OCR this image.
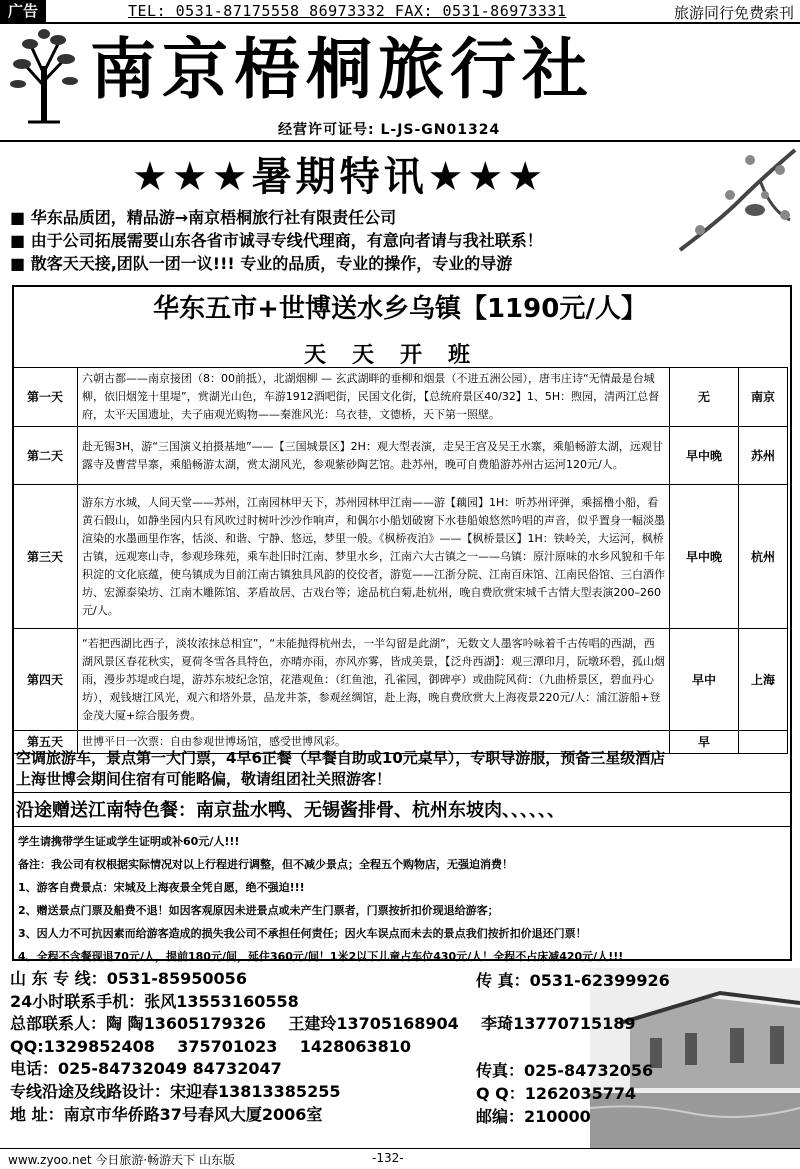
广告	TEL: 0531-87175558 86973332 FAX: 0531-86973331	旅游同行免费索刊
南京梧桐旅行社
经营许可证号: L-JS-GN01324
★★★暑期特讯★★★
■ 华东品质团，精品游→南京梧桐旅行社有限责任公司
■ 由于公司拓展需要山东各省市诚寻专线代理商，有意向者请与我社联系！
■ 散客天天接,团队一团一议!!! 专业的品质，专业的操作，专业的导游
华东五市+世博送水乡乌镇【1190元/人】
天天开班
第一天	六朝古都——南京接团（8：00前抵），北湖烟柳 — 玄武湖畔的垂柳和烟景（不进五洲公园），唐韦庄诗“无情最是台城柳，依旧烟笼十里堤”，赏湖光山色，车游1912酒吧街，民国文化街，【总统府景区40/32】1、5H：煦园，清两江总督府，太平天国遗址，夫子庙观光购物——秦淮风光：乌衣巷，文德桥，天下第一照壁。	无	南京
第二天	赴无锡3H，游“三国演义拍摄基地”——【三国城景区】2H：观大型表演，走吴王宫及吴王水寨，乘船畅游太湖，远观甘露寺及曹营旱寨，乘船畅游太湖，赏太湖风光，参观紫砂陶艺馆。赴苏州，晚可自费船游苏州古运河120元/人。	早中晚	苏州
第三天	游东方水城，人间天堂——苏州，江南园林甲天下，苏州园林甲江南——游【藕园】1H：听苏州评弹，乘摇橹小船，看黄石假山，如静坐园内只有风吹过时树叶沙沙作响声，和偶尔小船划破窗下水巷船娘悠然吟唱的声音，似乎置身一幅淡墨渲染的水墨画里作客，恬淡、和谐、宁静、悠远，梦里一般。《枫桥夜泊》——【枫桥景区】1H：铁岭关，大运河，枫桥古镇，远观寒山寺，参观珍珠苑，乘车赴旧时江南、梦里水乡，江南六大古镇之一——乌镇：原汁原味的水乡风貌和千年积淀的文化底蕴，使乌镇成为目前江南古镇独具风韵的佼佼者，游览——江浙分院、江南百床馆、江南民俗馆、三白酒作坊、宏源泰染坊、江南木雕陈馆、茅盾故居、古戏台等；途品杭白菊,赴杭州，晚自费欣赏宋城千古情大型表演200–260元/人。	早中晚	杭州
第四天	“若把西湖比西子，淡妆浓抹总相宜”，“未能抛得杭州去，一半勾留是此湖”，无数文人墨客吟咏着千古传唱的西湖，西湖风景区春花秋实，夏荷冬雪各具特色，亦晴亦雨，亦风亦雾，皆成美景，【泛舟西湖】：观三潭印月，阮墩环碧，孤山烟雨，漫步苏堤或白堤，游苏东坡纪念馆，花港观鱼：（红鱼池，孔雀园，御碑亭）或曲院风荷：（九曲桥景区，碧血丹心坊），观钱塘江风光，观六和塔外景，品龙井茶，参观丝绸馆，赴上海，晚自费欣赏大上海夜景220元/人：浦江游船+登金茂大厦+综合服务费。	早中	上海
第五天	世博平日一次票：自由参观世博场馆，感受世博风彩。	早	
空调旅游车，景点第一大门票，4早6正餐（早餐自助或10元桌早），专职导游服，预备三星级酒店
上海世博会期间住宿有可能略偏，敬请组团社关照游客！
沿途赠送江南特色餐：南京盐水鸭、无锡酱排骨、杭州东坡肉、、、、、、
学生请携带学生证或学生证明或补60元/人!!!
备注：我公司有权根据实际情况对以上行程进行调整，但不减少景点；全程五个购物店，无强迫消费！
1、游客自费景点：宋城及上海夜景全凭自愿，绝不强迫!!!
2、赠送景点门票及船费不退！如因客观原因未进景点或未产生门票者，门票按折扣价现退给游客；
3、因人力不可抗因素而给游客造成的损失我公司不承担任何责任；因火车误点而未去的景点我们按折扣价退还门票！
4、全程不含餐现退70元/人，提前180元/间，延住360元/间！1米2以下儿童占车位430元/人！全程不占床减420元/人!!!
山 东 专 线：0531-85950056
24小时联系手机：张风13553160558
总部联系人：陶 陶13605179326 王建玲13705168904 李琦13770715189
QQ:1329852408 375701023 1428063810
电话：025-84732049 84732047
专线沿途及线路设计：宋迎春13813385255
地 址：南京市华侨路37号春风大厦2006室
传 真：0531-62399926
传真：025-84732056
Q Q：1262035774
邮编：210000
www.zyoo.net 今日旅游·畅游天下 山东版	-132-
